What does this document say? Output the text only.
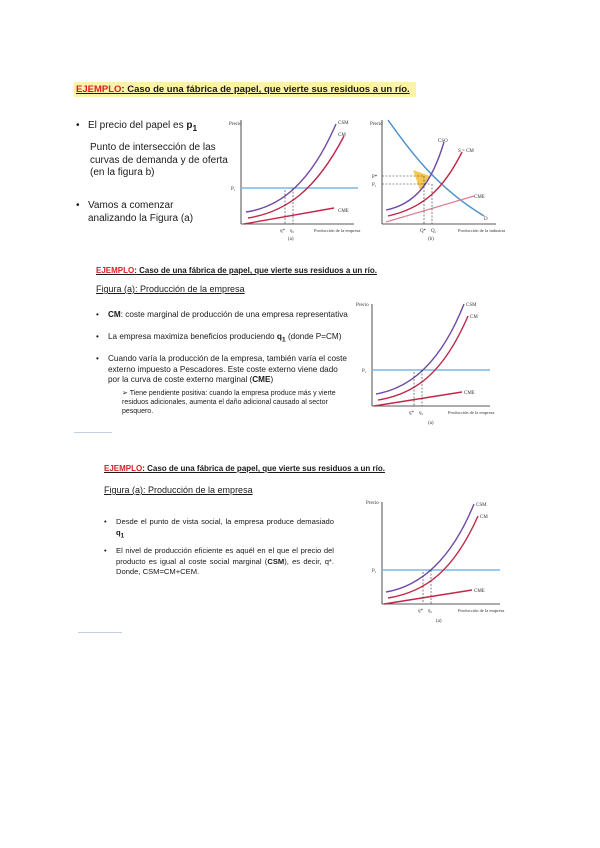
EJEMPLO: Caso de una fábrica de papel, que vierte sus residuos a un río.
• El precio del papel es $p_1$
Punto de intersección de las curvas de demanda y de oferta (en la figura b)
• Vamos a comenzar analizando la Figura (a)
Precio
P₁
CSM
CM
CME
q* q₁	Producción de la empresa
(a)
Precio
CSO
S = CM
CME
D
P*
P₁
Q* Q₁	Producción de la industria
(b)
EJEMPLO: Caso de una fábrica de papel, que vierte sus residuos a un río.
Figura (a): Producción de la empresa
• CM: coste marginal de producción de una empresa representativa
• La empresa maximiza beneficios produciendo $q_1$ (donde P=CM)
• Cuando varía la producción de la empresa, también varía el coste externo impuesto a Pescadores. Este coste externo viene dado por la curva de coste externo marginal (CME)
➢ Tiene pendiente positiva: cuando la empresa produce más y vierte residuos adicionales, aumenta el daño adicional causado al sector pesquero.
Precio
P₁
CSM
CM
CME
q* q₁	Producción de la empresa
(a)
EJEMPLO: Caso de una fábrica de papel, que vierte sus residuos a un río.
Figura (a): Producción de la empresa
• Desde el punto de vista social, la empresa produce demasiado $q_1$
• El nivel de producción eficiente es aquél en el que el precio del producto es igual al coste social marginal (CSM), es decir, q*. Donde, CSM=CM+CEM.
Precio
P₁
CSM
CM
CME
q* q₁	Producción de la empresa
(a)
